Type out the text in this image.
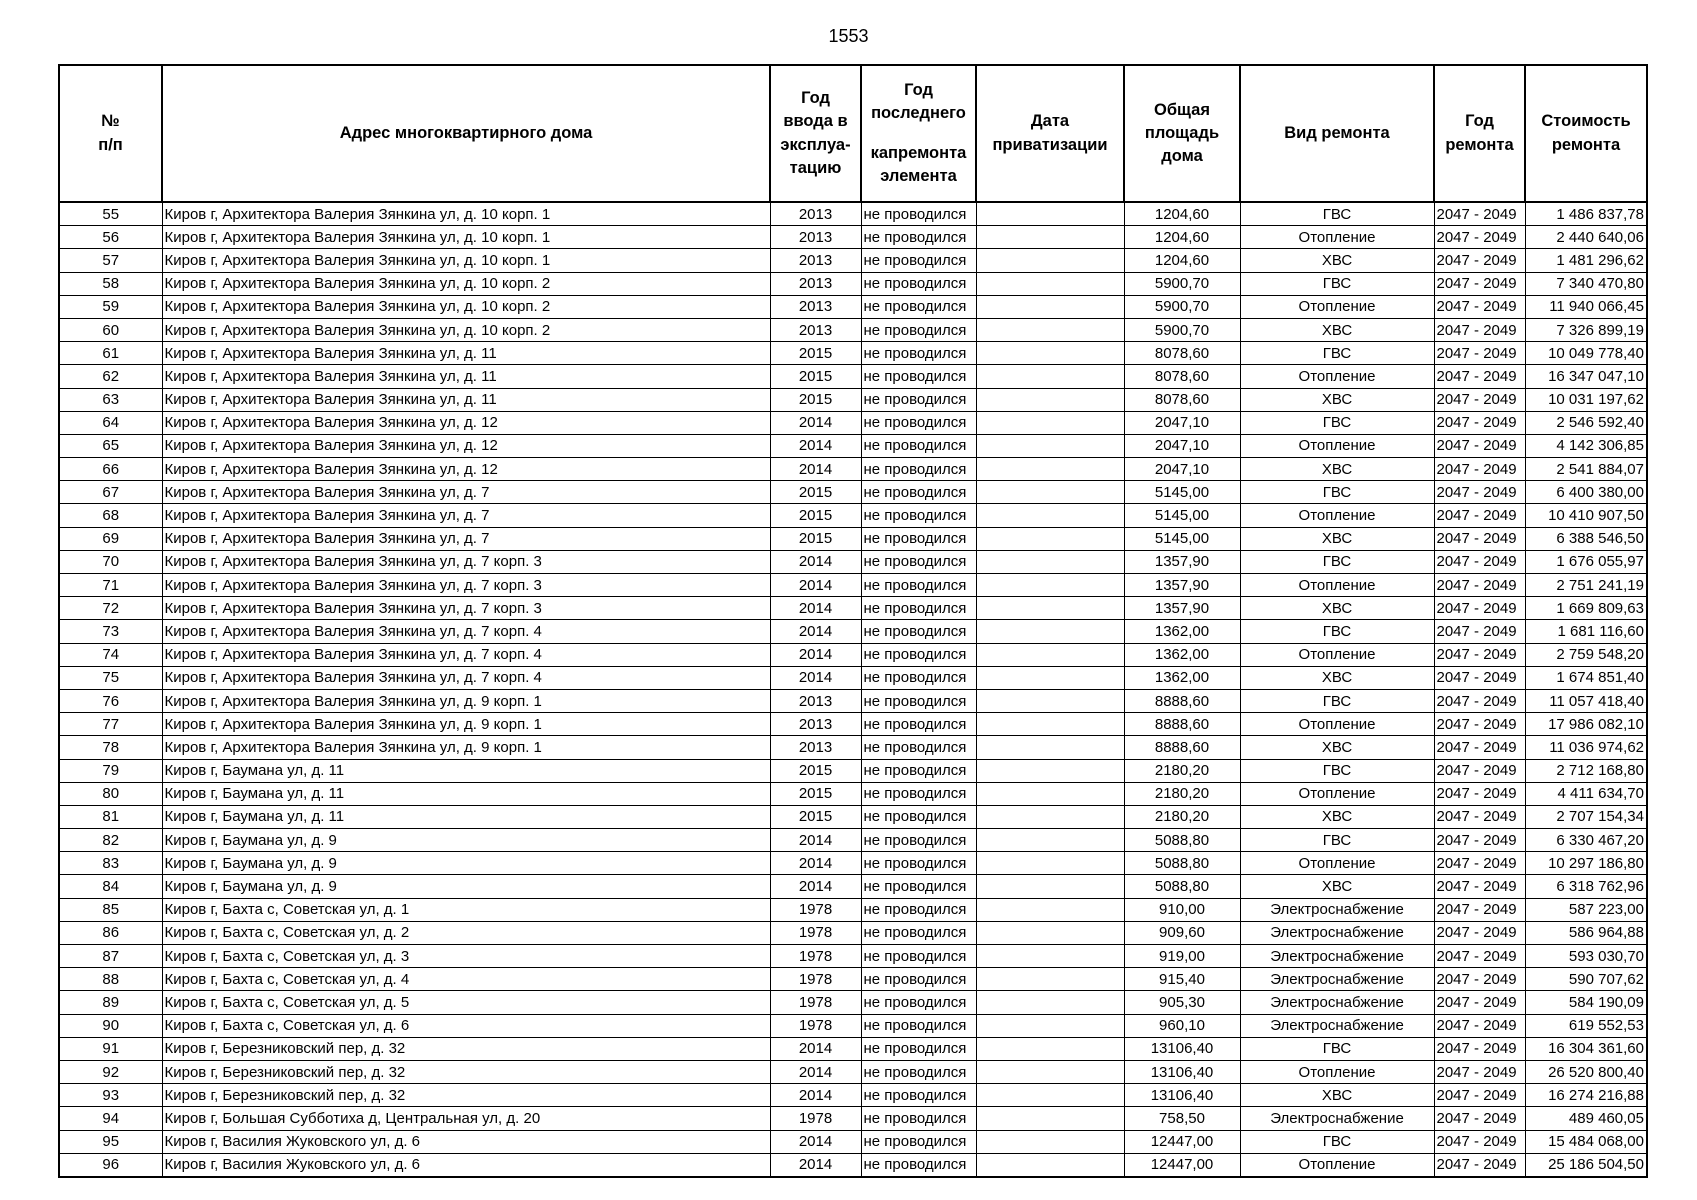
1553
№
п/п	Адрес многоквартирного дома	Год
ввода в
эксплуа-
тацию	Год
последнего

капремонта
элемента	Дата
приватизации	Общая
площадь
дома	Вид ремонта	Год
ремонта	Стоимость
ремонта
55	Киров г, Архитектора Валерия Зянкина ул, д. 10 корп. 1	2013	не проводился		1204,60	ГВС	2047 - 2049	1 486 837,78
56	Киров г, Архитектора Валерия Зянкина ул, д. 10 корп. 1	2013	не проводился		1204,60	Отопление	2047 - 2049	2 440 640,06
57	Киров г, Архитектора Валерия Зянкина ул, д. 10 корп. 1	2013	не проводился		1204,60	ХВС	2047 - 2049	1 481 296,62
58	Киров г, Архитектора Валерия Зянкина ул, д. 10 корп. 2	2013	не проводился		5900,70	ГВС	2047 - 2049	7 340 470,80
59	Киров г, Архитектора Валерия Зянкина ул, д. 10 корп. 2	2013	не проводился		5900,70	Отопление	2047 - 2049	11 940 066,45
60	Киров г, Архитектора Валерия Зянкина ул, д. 10 корп. 2	2013	не проводился		5900,70	ХВС	2047 - 2049	7 326 899,19
61	Киров г, Архитектора Валерия Зянкина ул, д. 11	2015	не проводился		8078,60	ГВС	2047 - 2049	10 049 778,40
62	Киров г, Архитектора Валерия Зянкина ул, д. 11	2015	не проводился		8078,60	Отопление	2047 - 2049	16 347 047,10
63	Киров г, Архитектора Валерия Зянкина ул, д. 11	2015	не проводился		8078,60	ХВС	2047 - 2049	10 031 197,62
64	Киров г, Архитектора Валерия Зянкина ул, д. 12	2014	не проводился		2047,10	ГВС	2047 - 2049	2 546 592,40
65	Киров г, Архитектора Валерия Зянкина ул, д. 12	2014	не проводился		2047,10	Отопление	2047 - 2049	4 142 306,85
66	Киров г, Архитектора Валерия Зянкина ул, д. 12	2014	не проводился		2047,10	ХВС	2047 - 2049	2 541 884,07
67	Киров г, Архитектора Валерия Зянкина ул, д. 7	2015	не проводился		5145,00	ГВС	2047 - 2049	6 400 380,00
68	Киров г, Архитектора Валерия Зянкина ул, д. 7	2015	не проводился		5145,00	Отопление	2047 - 2049	10 410 907,50
69	Киров г, Архитектора Валерия Зянкина ул, д. 7	2015	не проводился		5145,00	ХВС	2047 - 2049	6 388 546,50
70	Киров г, Архитектора Валерия Зянкина ул, д. 7 корп. 3	2014	не проводился		1357,90	ГВС	2047 - 2049	1 676 055,97
71	Киров г, Архитектора Валерия Зянкина ул, д. 7 корп. 3	2014	не проводился		1357,90	Отопление	2047 - 2049	2 751 241,19
72	Киров г, Архитектора Валерия Зянкина ул, д. 7 корп. 3	2014	не проводился		1357,90	ХВС	2047 - 2049	1 669 809,63
73	Киров г, Архитектора Валерия Зянкина ул, д. 7 корп. 4	2014	не проводился		1362,00	ГВС	2047 - 2049	1 681 116,60
74	Киров г, Архитектора Валерия Зянкина ул, д. 7 корп. 4	2014	не проводился		1362,00	Отопление	2047 - 2049	2 759 548,20
75	Киров г, Архитектора Валерия Зянкина ул, д. 7 корп. 4	2014	не проводился		1362,00	ХВС	2047 - 2049	1 674 851,40
76	Киров г, Архитектора Валерия Зянкина ул, д. 9 корп. 1	2013	не проводился		8888,60	ГВС	2047 - 2049	11 057 418,40
77	Киров г, Архитектора Валерия Зянкина ул, д. 9 корп. 1	2013	не проводился		8888,60	Отопление	2047 - 2049	17 986 082,10
78	Киров г, Архитектора Валерия Зянкина ул, д. 9 корп. 1	2013	не проводился		8888,60	ХВС	2047 - 2049	11 036 974,62
79	Киров г, Баумана ул, д. 11	2015	не проводился		2180,20	ГВС	2047 - 2049	2 712 168,80
80	Киров г, Баумана ул, д. 11	2015	не проводился		2180,20	Отопление	2047 - 2049	4 411 634,70
81	Киров г, Баумана ул, д. 11	2015	не проводился		2180,20	ХВС	2047 - 2049	2 707 154,34
82	Киров г, Баумана ул, д. 9	2014	не проводился		5088,80	ГВС	2047 - 2049	6 330 467,20
83	Киров г, Баумана ул, д. 9	2014	не проводился		5088,80	Отопление	2047 - 2049	10 297 186,80
84	Киров г, Баумана ул, д. 9	2014	не проводился		5088,80	ХВС	2047 - 2049	6 318 762,96
85	Киров г, Бахта с, Советская ул, д. 1	1978	не проводился		910,00	Электроснабжение	2047 - 2049	587 223,00
86	Киров г, Бахта с, Советская ул, д. 2	1978	не проводился		909,60	Электроснабжение	2047 - 2049	586 964,88
87	Киров г, Бахта с, Советская ул, д. 3	1978	не проводился		919,00	Электроснабжение	2047 - 2049	593 030,70
88	Киров г, Бахта с, Советская ул, д. 4	1978	не проводился		915,40	Электроснабжение	2047 - 2049	590 707,62
89	Киров г, Бахта с, Советская ул, д. 5	1978	не проводился		905,30	Электроснабжение	2047 - 2049	584 190,09
90	Киров г, Бахта с, Советская ул, д. 6	1978	не проводился		960,10	Электроснабжение	2047 - 2049	619 552,53
91	Киров г, Березниковский пер, д. 32	2014	не проводился		13106,40	ГВС	2047 - 2049	16 304 361,60
92	Киров г, Березниковский пер, д. 32	2014	не проводился		13106,40	Отопление	2047 - 2049	26 520 800,40
93	Киров г, Березниковский пер, д. 32	2014	не проводился		13106,40	ХВС	2047 - 2049	16 274 216,88
94	Киров г, Большая Субботиха д, Центральная ул, д. 20	1978	не проводился		758,50	Электроснабжение	2047 - 2049	489 460,05
95	Киров г, Василия Жуковского ул, д. 6	2014	не проводился		12447,00	ГВС	2047 - 2049	15 484 068,00
96	Киров г, Василия Жуковского ул, д. 6	2014	не проводился		12447,00	Отопление	2047 - 2049	25 186 504,50
